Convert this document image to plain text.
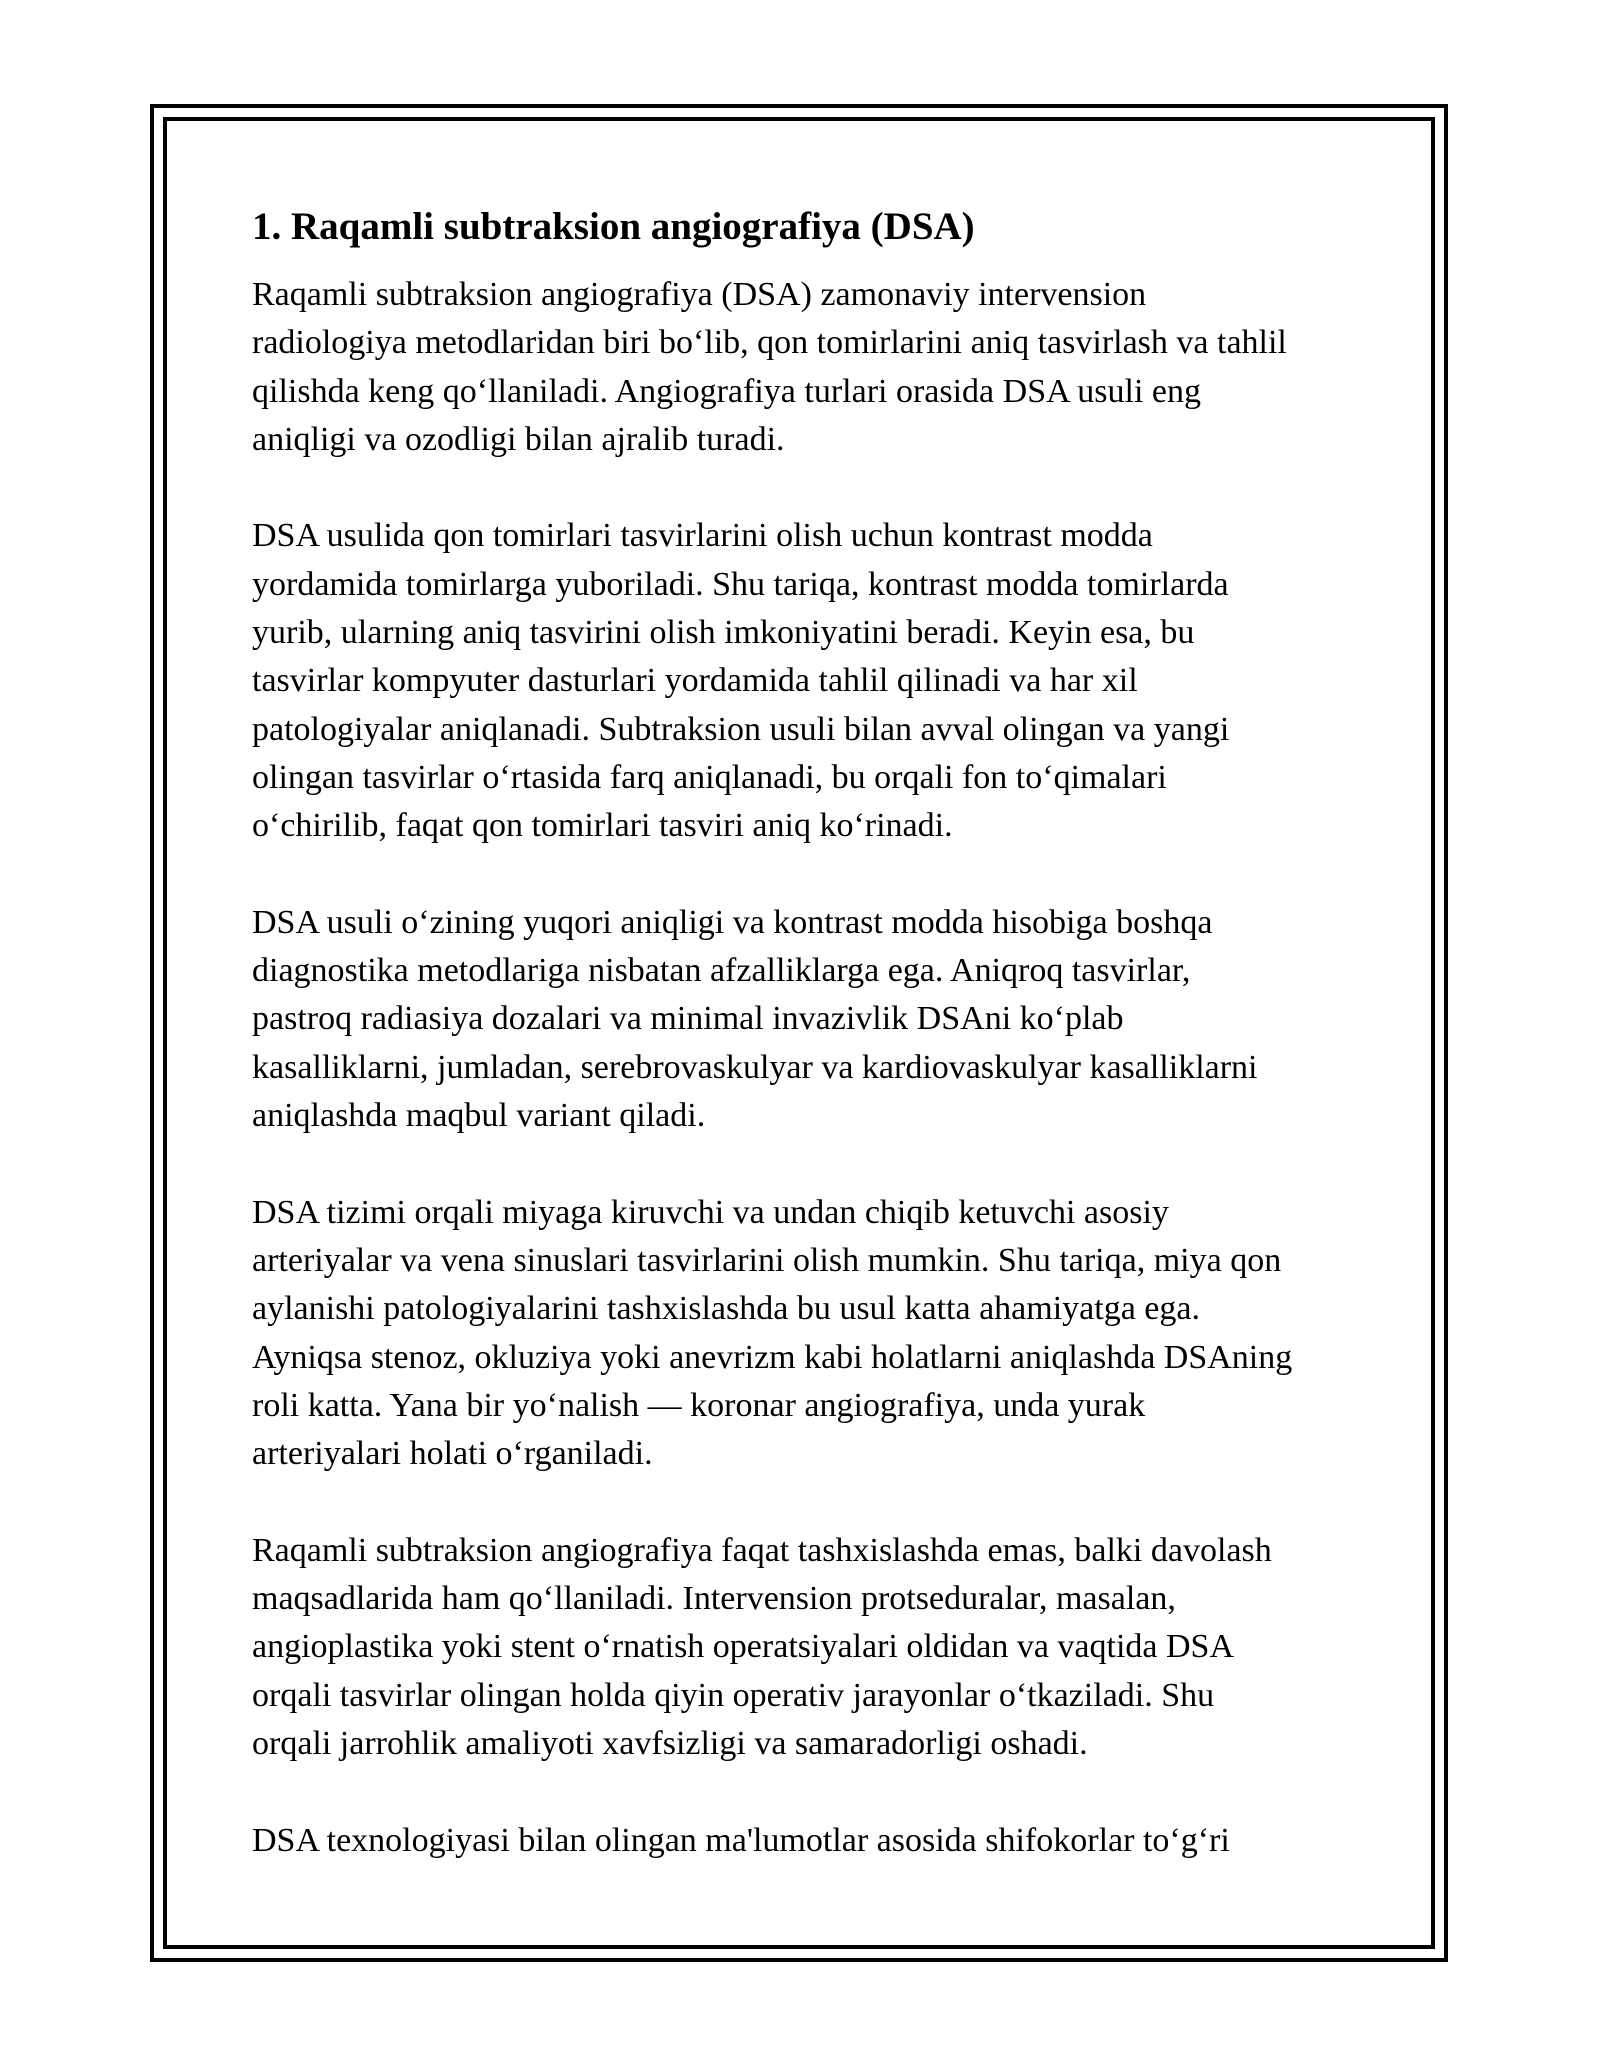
1. Raqamli subtraksion angiografiya (DSA)

Raqamli subtraksion angiografiya (DSA) zamonaviy intervension
radiologiya metodlaridan biri bo‘lib, qon tomirlarini aniq tasvirlash va tahlil
qilishda keng qo‘llaniladi. Angiografiya turlari orasida DSA usuli eng
aniqligi va ozodligi bilan ajralib turadi.

DSA usulida qon tomirlari tasvirlarini olish uchun kontrast modda
yordamida tomirlarga yuboriladi. Shu tariqa, kontrast modda tomirlarda
yurib, ularning aniq tasvirini olish imkoniyatini beradi. Keyin esa, bu
tasvirlar kompyuter dasturlari yordamida tahlil qilinadi va har xil
patologiyalar aniqlanadi. Subtraksion usuli bilan avval olingan va yangi
olingan tasvirlar o‘rtasida farq aniqlanadi, bu orqali fon to‘qimalari
o‘chirilib, faqat qon tomirlari tasviri aniq ko‘rinadi.

DSA usuli o‘zining yuqori aniqligi va kontrast modda hisobiga boshqa
diagnostika metodlariga nisbatan afzalliklarga ega. Aniqroq tasvirlar,
pastroq radiasiya dozalari va minimal invazivlik DSAni ko‘plab
kasalliklarni, jumladan, serebrovaskulyar va kardiovaskulyar kasalliklarni
aniqlashda maqbul variant qiladi.

DSA tizimi orqali miyaga kiruvchi va undan chiqib ketuvchi asosiy
arteriyalar va vena sinuslari tasvirlarini olish mumkin. Shu tariqa, miya qon
aylanishi patologiyalarini tashxislashda bu usul katta ahamiyatga ega.
Ayniqsa stenoz, okluziya yoki anevrizm kabi holatlarni aniqlashda DSAning
roli katta. Yana bir yo‘nalish — koronar angiografiya, unda yurak
arteriyalari holati o‘rganiladi.

Raqamli subtraksion angiografiya faqat tashxislashda emas, balki davolash
maqsadlarida ham qo‘llaniladi. Intervension protseduralar, masalan,
angioplastika yoki stent o‘rnatish operatsiyalari oldidan va vaqtida DSA
orqali tasvirlar olingan holda qiyin operativ jarayonlar o‘tkaziladi. Shu
orqali jarrohlik amaliyoti xavfsizligi va samaradorligi oshadi.

DSA texnologiyasi bilan olingan ma'lumotlar asosida shifokorlar to‘g‘ri
